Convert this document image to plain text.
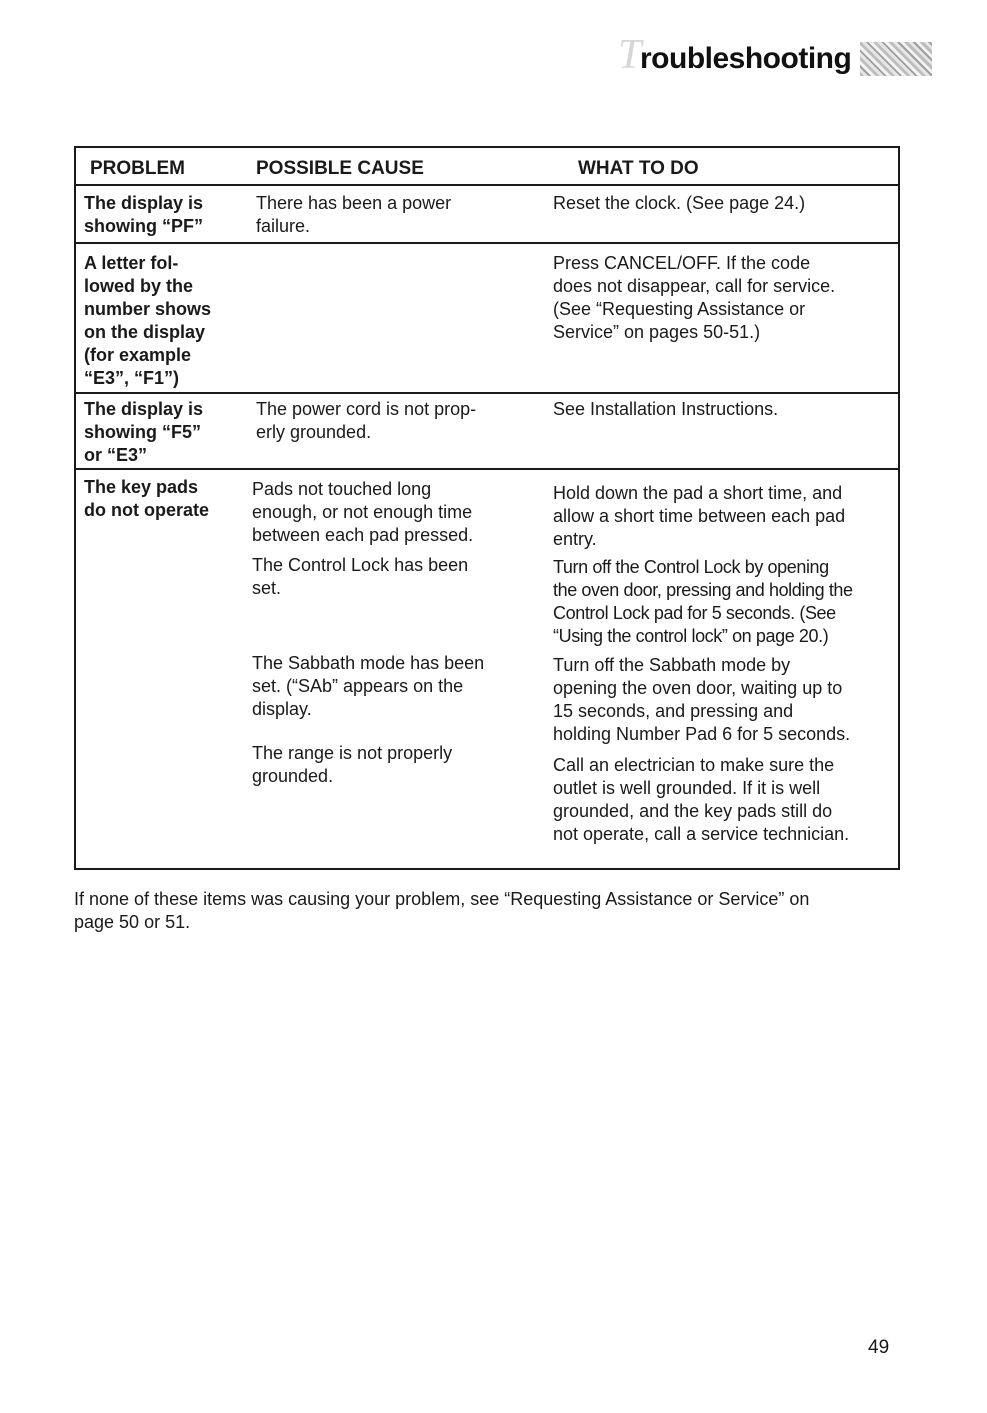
T
roubleshooting
PROBLEM	POSSIBLE CAUSE	WHAT TO DO
The display is
showing “PF”
There has been a power
failure.
Reset the clock. (See page 24.)
A letter fol-
lowed by the
number shows
on the display
(for example
“E3”, “F1”)
Press CANCEL/OFF. If the code
does not disappear, call for service.
(See “Requesting Assistance or
Service” on pages 50-51.)
The display is
showing “F5”
or “E3”
The power cord is not prop-
erly grounded.
See Installation Instructions.
The key pads
do not operate
Pads not touched long
enough, or not enough time
between each pad pressed.
The Control Lock has been
set.
The Sabbath mode has been
set. (“SAb” appears on the
display.
The range is not properly
grounded.
Hold down the pad a short time, and
allow a short time between each pad
entry.
Turn off the Control Lock by opening
the oven door, pressing and holding the
Control Lock pad for 5 seconds. (See
“Using the control lock” on page 20.)
Turn off the Sabbath mode by
opening the oven door, waiting up to
15 seconds, and pressing and
holding Number Pad 6 for 5 seconds.
Call an electrician to make sure the
outlet is well grounded. If it is well
grounded, and the key pads still do
not operate, call a service technician.
If none of these items was causing your problem, see “Requesting Assistance or Service” on
page 50 or 51.
49
